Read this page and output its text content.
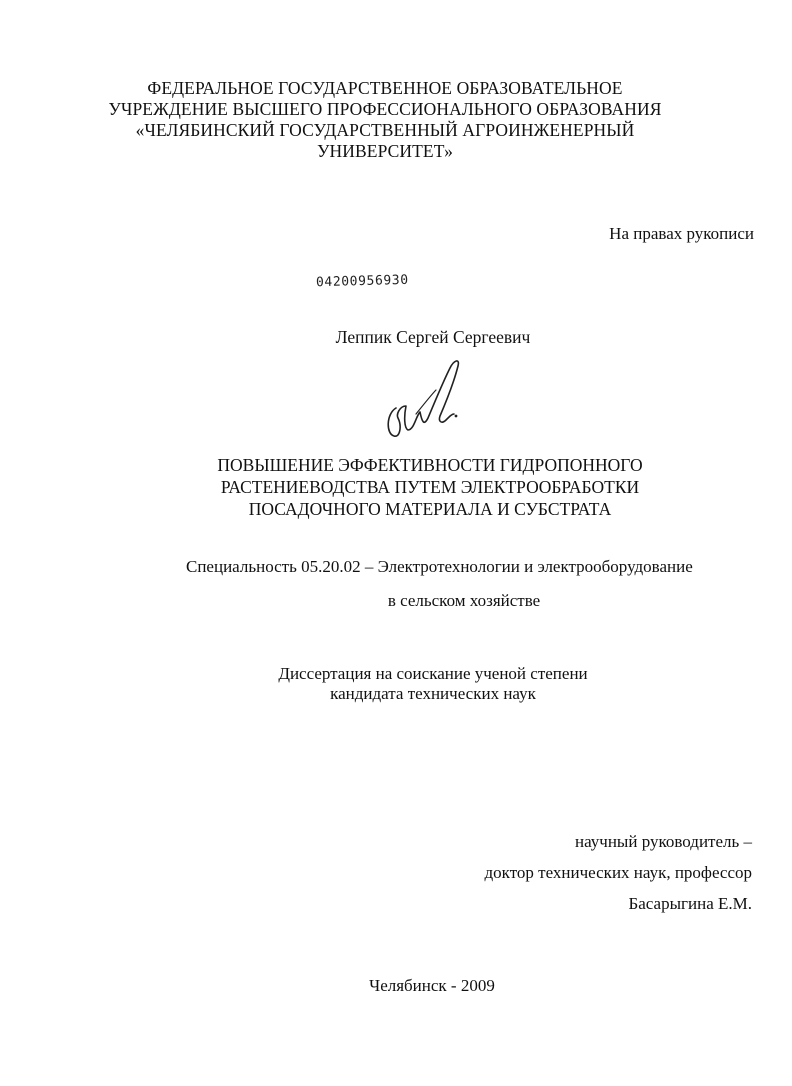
ФЕДЕРАЛЬНОЕ ГОСУДАРСТВЕННОЕ ОБРАЗОВАТЕЛЬНОЕ
УЧРЕЖДЕНИЕ ВЫСШЕГО ПРОФЕССИОНАЛЬНОГО ОБРАЗОВАНИЯ
«ЧЕЛЯБИНСКИЙ ГОСУДАРСТВЕННЫЙ АГРОИНЖЕНЕРНЫЙ
УНИВЕРСИТЕТ»
На правах рукописи
04200956930
Леппик Сергей Сергеевич
ПОВЫШЕНИЕ ЭФФЕКТИВНОСТИ ГИДРОПОННОГО
РАСТЕНИЕВОДСТВА ПУТЕМ ЭЛЕКТРООБРАБОТКИ
ПОСАДОЧНОГО МАТЕРИАЛА И СУБСТРАТА
Специальность 05.20.02 – Электротехнологии и электрооборудование
в сельском хозяйстве
Диссертация на соискание ученой степени
кандидата технических наук
научный руководитель –
доктор технических наук, профессор
Басарыгина Е.М.
Челябинск - 2009
